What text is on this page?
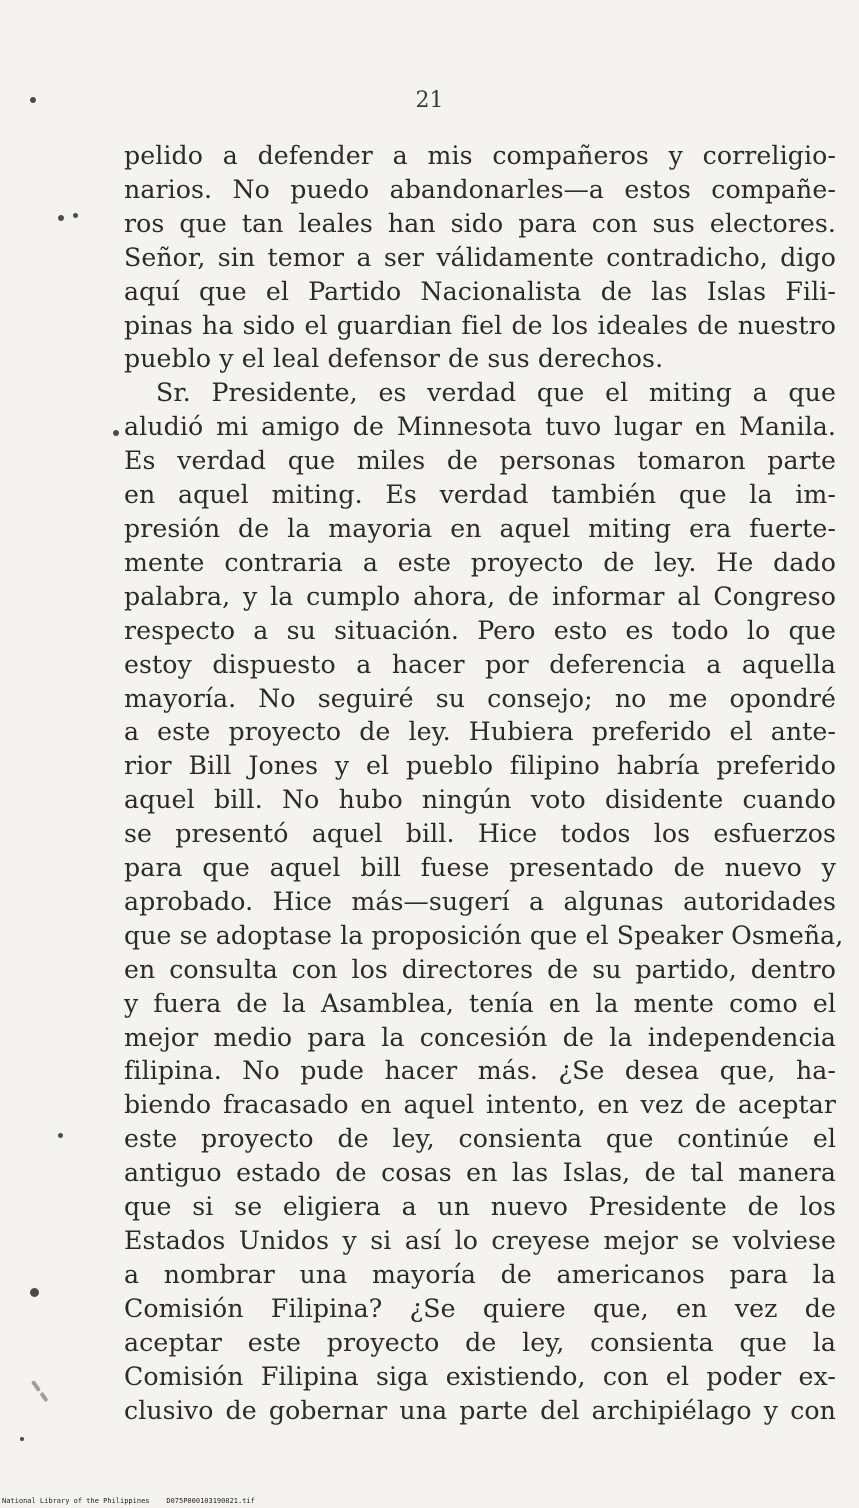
21
pelido a defender a mis compañeros y correligio-
narios. No puedo abandonarles—a estos compañe-
ros que tan leales han sido para con sus electores.
Señor, sin temor a ser válidamente contradicho, digo
aquí que el Partido Nacionalista de las Islas Fili-
pinas ha sido el guardian fiel de los ideales de nuestro
pueblo y el leal defensor de sus derechos.
Sr. Presidente, es verdad que el miting a que
aludió mi amigo de Minnesota tuvo lugar en Manila.
Es verdad que miles de personas tomaron parte
en aquel miting. Es verdad también que la im-
presión de la mayoria en aquel miting era fuerte-
mente contraria a este proyecto de ley. He dado
palabra, y la cumplo ahora, de informar al Congreso
respecto a su situación. Pero esto es todo lo que
estoy dispuesto a hacer por deferencia a aquella
mayoría. No seguiré su consejo; no me opondré
a este proyecto de ley. Hubiera preferido el ante-
rior Bill Jones y el pueblo filipino habría preferido
aquel bill. No hubo ningún voto disidente cuando
se presentó aquel bill. Hice todos los esfuerzos
para que aquel bill fuese presentado de nuevo y
aprobado. Hice más—sugerí a algunas autoridades
que se adoptase la proposición que el Speaker Osmeña,
en consulta con los directores de su partido, dentro
y fuera de la Asamblea, tenía en la mente como el
mejor medio para la concesión de la independencia
filipina. No pude hacer más. ¿Se desea que, ha-
biendo fracasado en aquel intento, en vez de aceptar
este proyecto de ley, consienta que continúe el
antiguo estado de cosas en las Islas, de tal manera
que si se eligiera a un nuevo Presidente de los
Estados Unidos y si así lo creyese mejor se volviese
a nombrar una mayoría de americanos para la
Comisión Filipina? ¿Se quiere que, en vez de
aceptar este proyecto de ley, consienta que la
Comisión Filipina siga existiendo, con el poder ex-
clusivo de gobernar una parte del archipiélago y con
National Library of the Philippines    D075P000103190021.tif
